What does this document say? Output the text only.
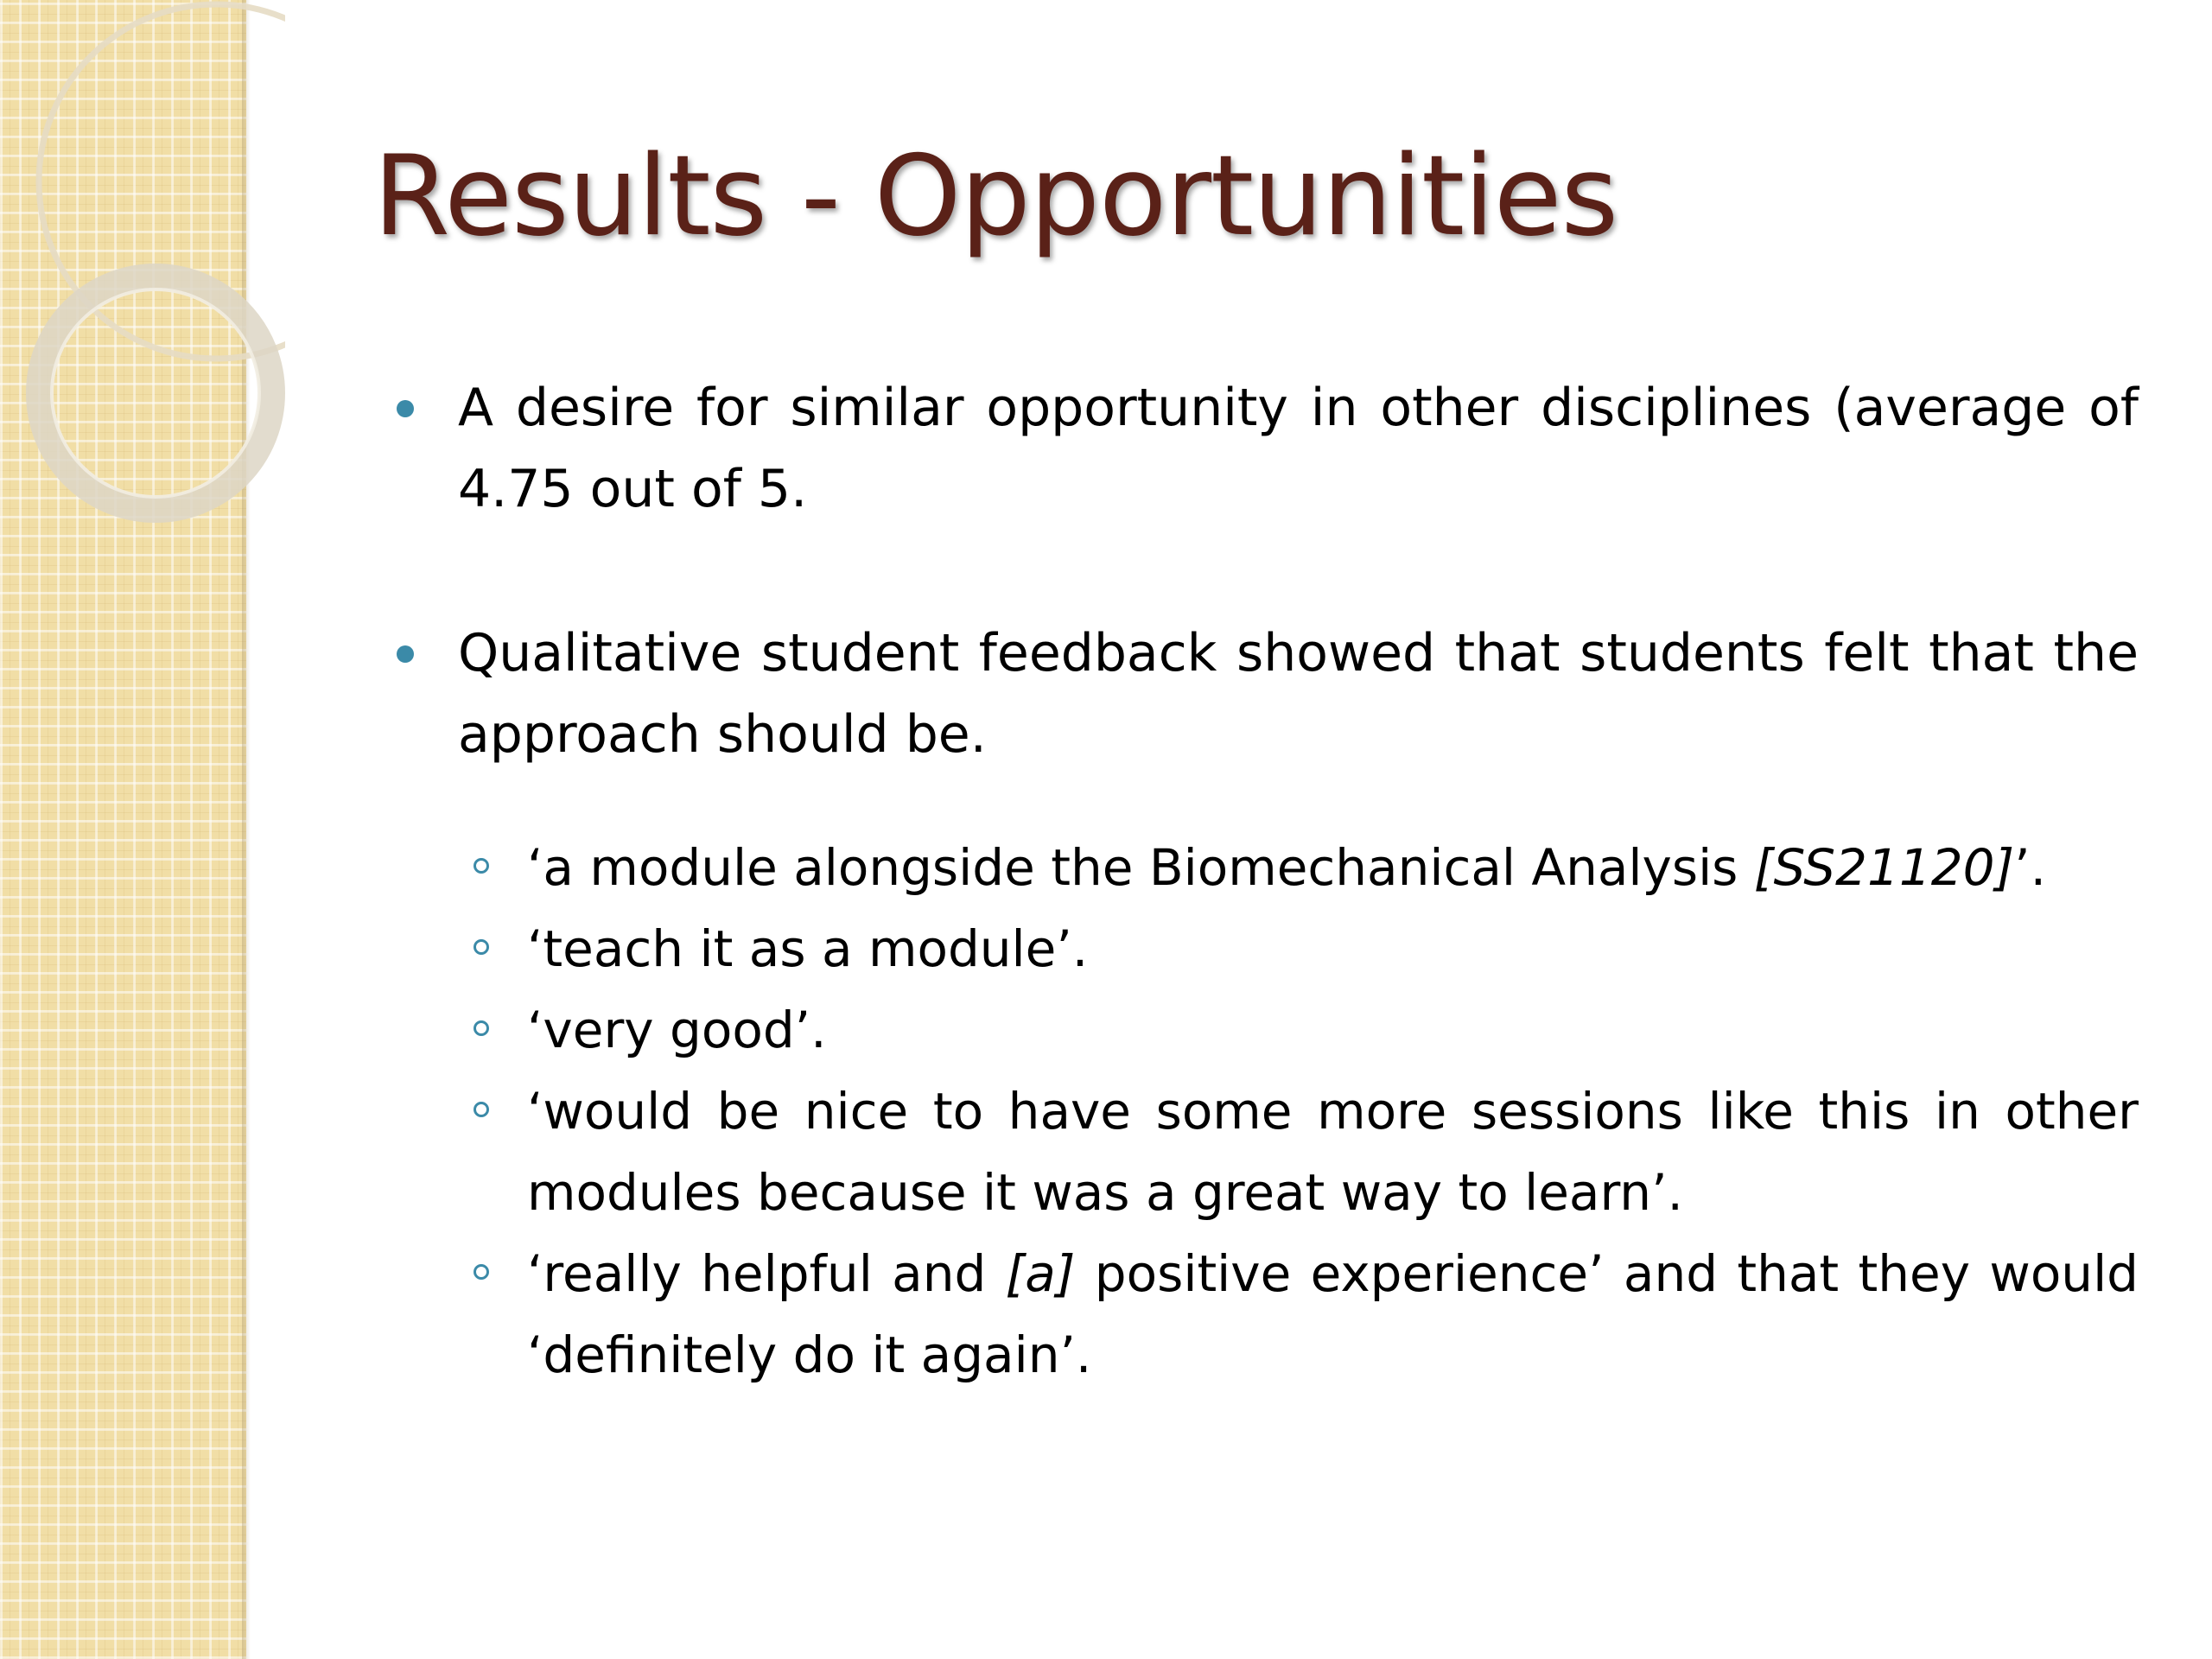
Results - Opportunities
A desire for similar opportunity in other disciplines (average of 4.75 out of 5.
Qualitative student feedback showed that students felt that the approach should be.
‘a module alongside the Biomechanical Analysis [SS21120]’.
‘teach it as a module’.
‘very good’.
‘would be nice to have some more sessions like this in other modules because it was a great way to learn’.
‘really helpful and [a] positive experience’ and that they would ‘definitely do it again’.
